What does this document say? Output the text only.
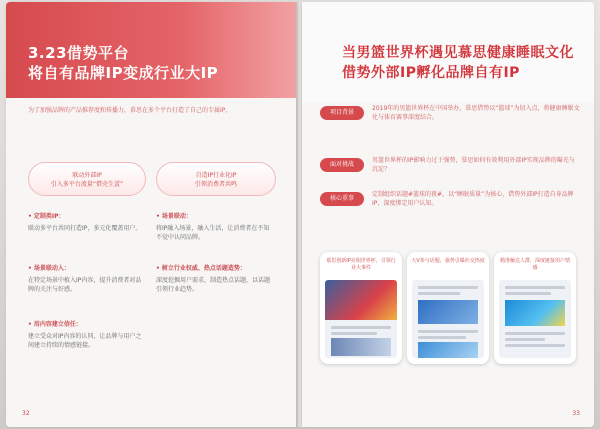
3.23借势平台
将自有品牌IP变成行业大IP
为了加强品牌的产品推荐度和传播力，慕思在多个平台打造了自己的专属IP。
联动外部IP
引入多平台流量“借壳生蛋”
自造IP行业化IP
引领消费者共鸣
• 定制类IP：
联动多平台共同打造IP，多元化覆盖用户。
• 场景联动：
将IP融入场景，融入生活，让消费者在不知不觉中认同品牌。
• 场景联动入：
在特定场景中植入IP内容，提升消费者对品牌的关注与好感。
• 树立行业权威、热点话题造势：
深度挖掘用户需求，制造热点话题，以话题引领行业趋势。
• 用内容建立信任：
建立受众对IP内容的认同，让品牌与用户之间建立持续的情感链接。
32
当男篮世界杯遇见慕思健康睡眠文化
借势外部IP孵化品牌自有IP
项目背景
2019年的男篮世界杯在中国举办，慕思借势以“篮球”为切入点，将健康睡眠文化与体育赛事深度结合。
面对挑战
男篮世界杯的IP影响力过于强势，慕思如何有效利用外部IP实现品牌的曝光与沉淀？
核心重事
定制组织话题#篮球的夜#，以“睡眠质量”为核心，借势外部IP打造自身品牌IP，深度绑定用户认知。
慕思创新IP亮相世界杯，引领行业大事件
大V参与话题，强势引爆社交热度	精准触达人群，深度链接用户情感
33
